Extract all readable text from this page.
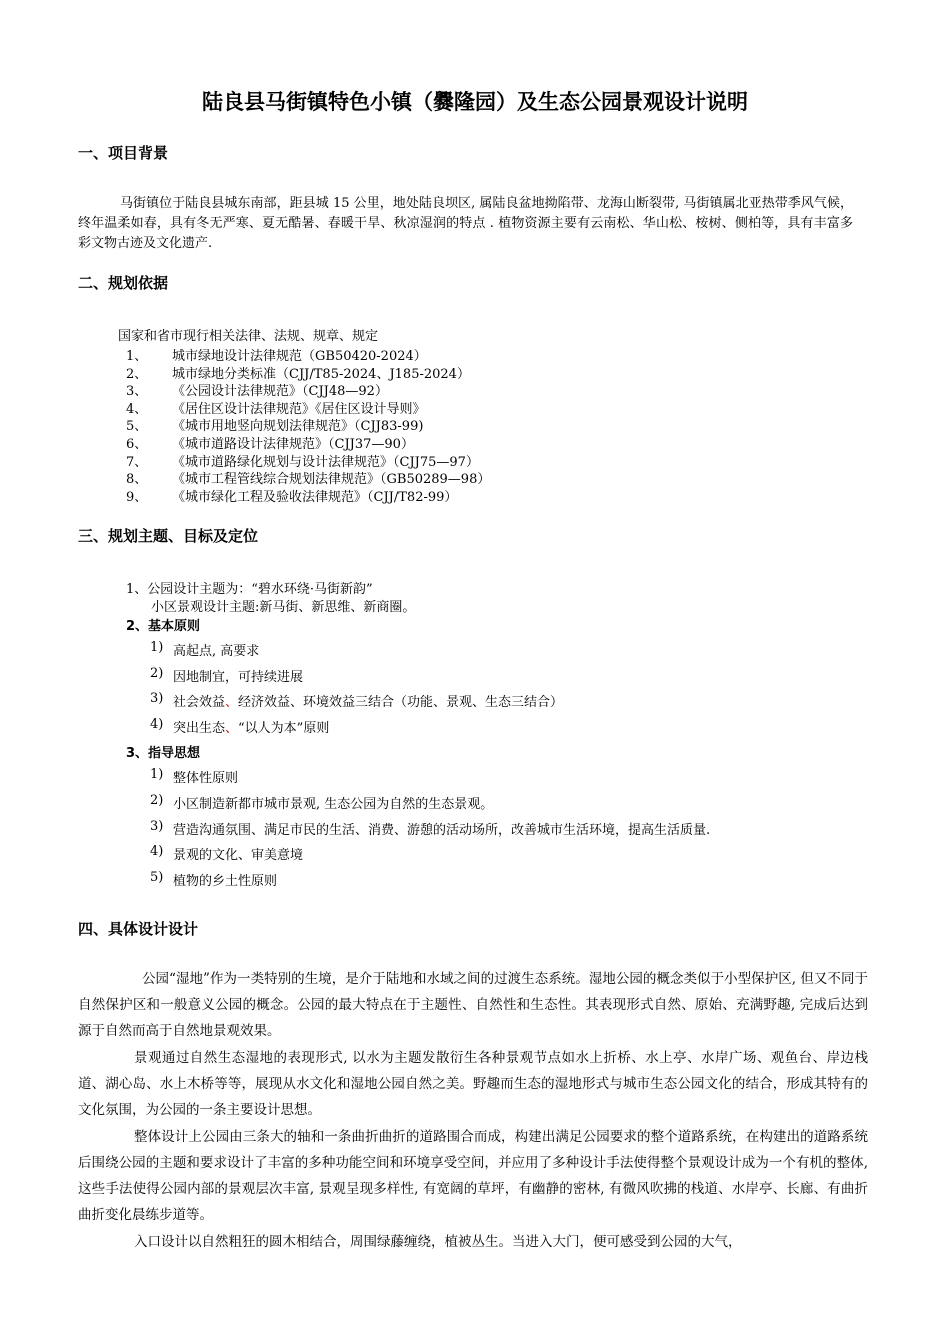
陆良县马街镇特色小镇（爨隆园）及生态公园景观设计说明
一、项目背景
马街镇位于陆良县城东南部，距县城 15 公里，地处陆良坝区, 属陆良盆地拗陷带、龙海山断裂带, 马街镇属北亚热带季风气候，终年温柔如春，具有冬无严寒、夏无酷暑、春暖干旱、秋凉湿润的特点 . 植物资源主要有云南松、华山松、桉树、侧柏等，具有丰富多彩文物古迹及文化遗产.
二、规划依据
国家和省市现行相关法律、法规、规章、规定
1、 城市绿地设计法律规范（GB50420-2024）
2、 城市绿地分类标准（CJJ/T85-2024、J185-2024）
3、 《公园设计法律规范》（CJJ48—92）
4、 《居住区设计法律规范》《居住区设计导则》
5、 《城市用地竖向规划法律规范》（CJJ83-99)
6、 《城市道路设计法律规范》（CJJ37—90）
7、 《城市道路绿化规划与设计法律规范》（CJJ75—97）
8、 《城市工程管线综合规划法律规范》（GB50289—98）
9、 《城市绿化工程及验收法律规范》（CJJ/T82-99）
三、规划主题、目标及定位
1、公园设计主题为：“碧水环绕·马街新韵”
小区景观设计主题:新马街、新思维、新商圈。
2、基本原则
1) 高起点, 高要求
2) 因地制宜，可持续进展
3) 社会效益、经济效益、环境效益三结合（功能、景观、生态三结合）
4) 突出生态、“以人为本”原则
3、指导思想
1) 整体性原则
2) 小区制造新都市城市景观, 生态公园为自然的生态景观。
3) 营造沟通氛围、满足市民的生活、消费、游憩的活动场所，改善城市生活环境，提高生活质量.
4) 景观的文化、审美意境
5) 植物的乡土性原则
四、具体设计设计
公园“湿地”作为一类特别的生境，是介于陆地和水域之间的过渡生态系统。湿地公园的概念类似于小型保护区, 但又不同于自然保护区和一般意义公园的概念。公园的最大特点在于主题性、自然性和生态性。其表现形式自然、原始、充满野趣, 完成后达到源于自然而高于自然地景观效果。
景观通过自然生态湿地的表现形式, 以水为主题发散衍生各种景观节点如水上折桥、水上亭、水岸广场、观鱼台、岸边栈道、湖心岛、水上木桥等等，展现从水文化和湿地公园自然之美。野趣而生态的湿地形式与城市生态公园文化的结合，形成其特有的文化氛围，为公园的一条主要设计思想。
整体设计上公园由三条大的轴和一条曲折曲折的道路围合而成，构建出满足公园要求的整个道路系统，在构建出的道路系统后围绕公园的主题和要求设计了丰富的多种功能空间和环境享受空间，并应用了多种设计手法使得整个景观设计成为一个有机的整体, 这些手法使得公园内部的景观层次丰富, 景观呈现多样性, 有宽阔的草坪，有幽静的密林, 有微风吹拂的栈道、水岸亭、长廊、有曲折曲折变化晨练步道等。
入口设计以自然粗狂的圆木相结合，周围绿藤缠绕，植被丛生。当进入大门，便可感受到公园的大气，
